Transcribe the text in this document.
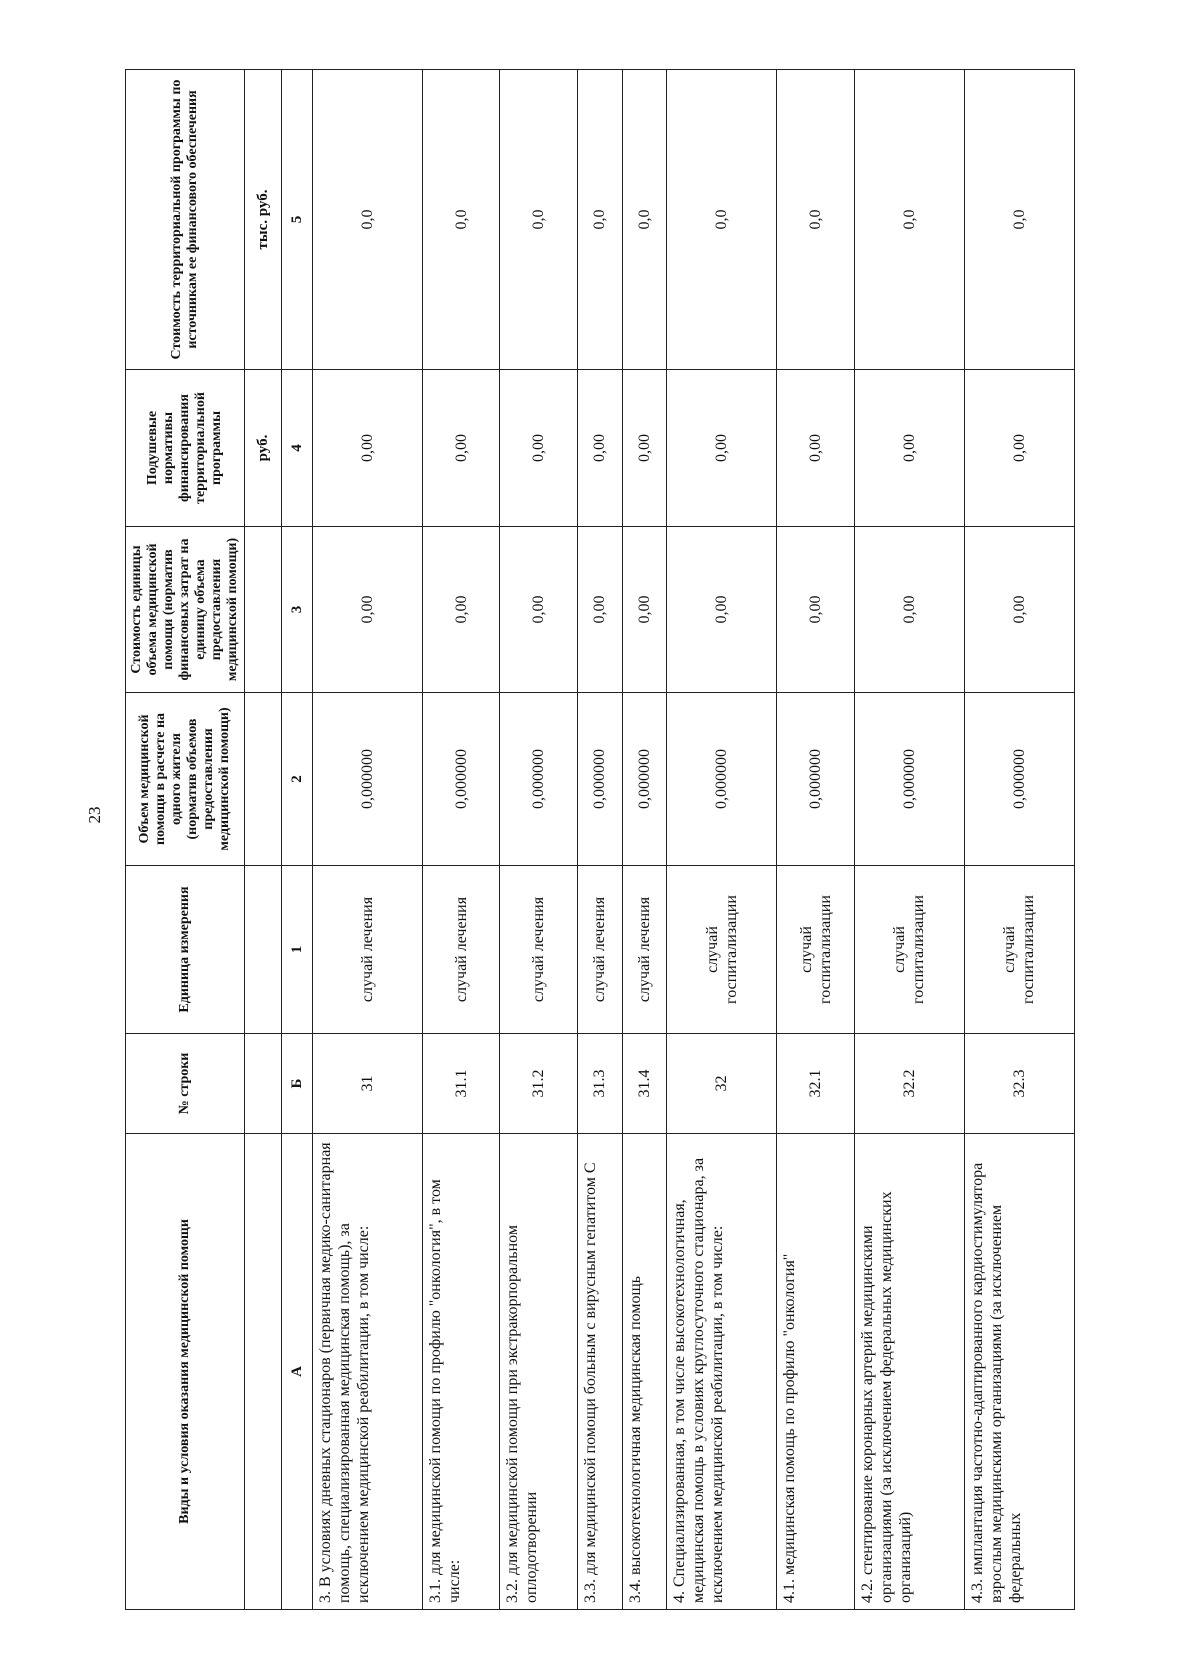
23
Виды и условия оказания медицинской помощи	№ строки	Единица измерения	Объем медицинской помощи в расчете на одного жителя (норматив объемов предоставления медицинской помощи)	Стоимость единицы объема медицинской помощи (норматив финансовых затрат на единицу объема предоставления медицинской помощи)	Подушевые нормативы финансирования территориальной программы	Стоимость территориальной программы по источникам ее финансового обеспечения
					руб.	тыс. руб.
А	Б	1	2	3	4	5
3. В условиях дневных стационаров (первичная медико-санитарная помощь, специализированная медицинская помощь), за исключением медицинской реабилитации, в том числе:	31	случай лечения	0,000000	0,00	0,00	0,0
3.1. для медицинской помощи по профилю "онкология", в том числе:	31.1	случай лечения	0,000000	0,00	0,00	0,0
3.2. для медицинской помощи при экстракорпоральном оплодотворении	31.2	случай лечения	0,000000	0,00	0,00	0,0
3.3. для медицинской помощи больным с вирусным гепатитом С	31.3	случай лечения	0,000000	0,00	0,00	0,0
3.4. высокотехнологичная медицинская помощь	31.4	случай лечения	0,000000	0,00	0,00	0,0
4. Специализированная, в том числе высокотехнологичная, медицинская помощь в условиях круглосуточного стационара, за исключением медицинской реабилитации, в том числе:	32	случай госпитализации	0,000000	0,00	0,00	0,0
4.1. медицинская помощь по профилю "онкология"	32.1	случай госпитализации	0,000000	0,00	0,00	0,0
4.2. стентирование коронарных артерий медицинскими организациями (за исключением федеральных медицинских организаций)	32.2	случай госпитализации	0,000000	0,00	0,00	0,0
4.3. имплантация частотно-адаптированного кардиостимулятора взрослым медицинскими организациями (за исключением федеральных	32.3	случай госпитализации	0,000000	0,00	0,00	0,0
